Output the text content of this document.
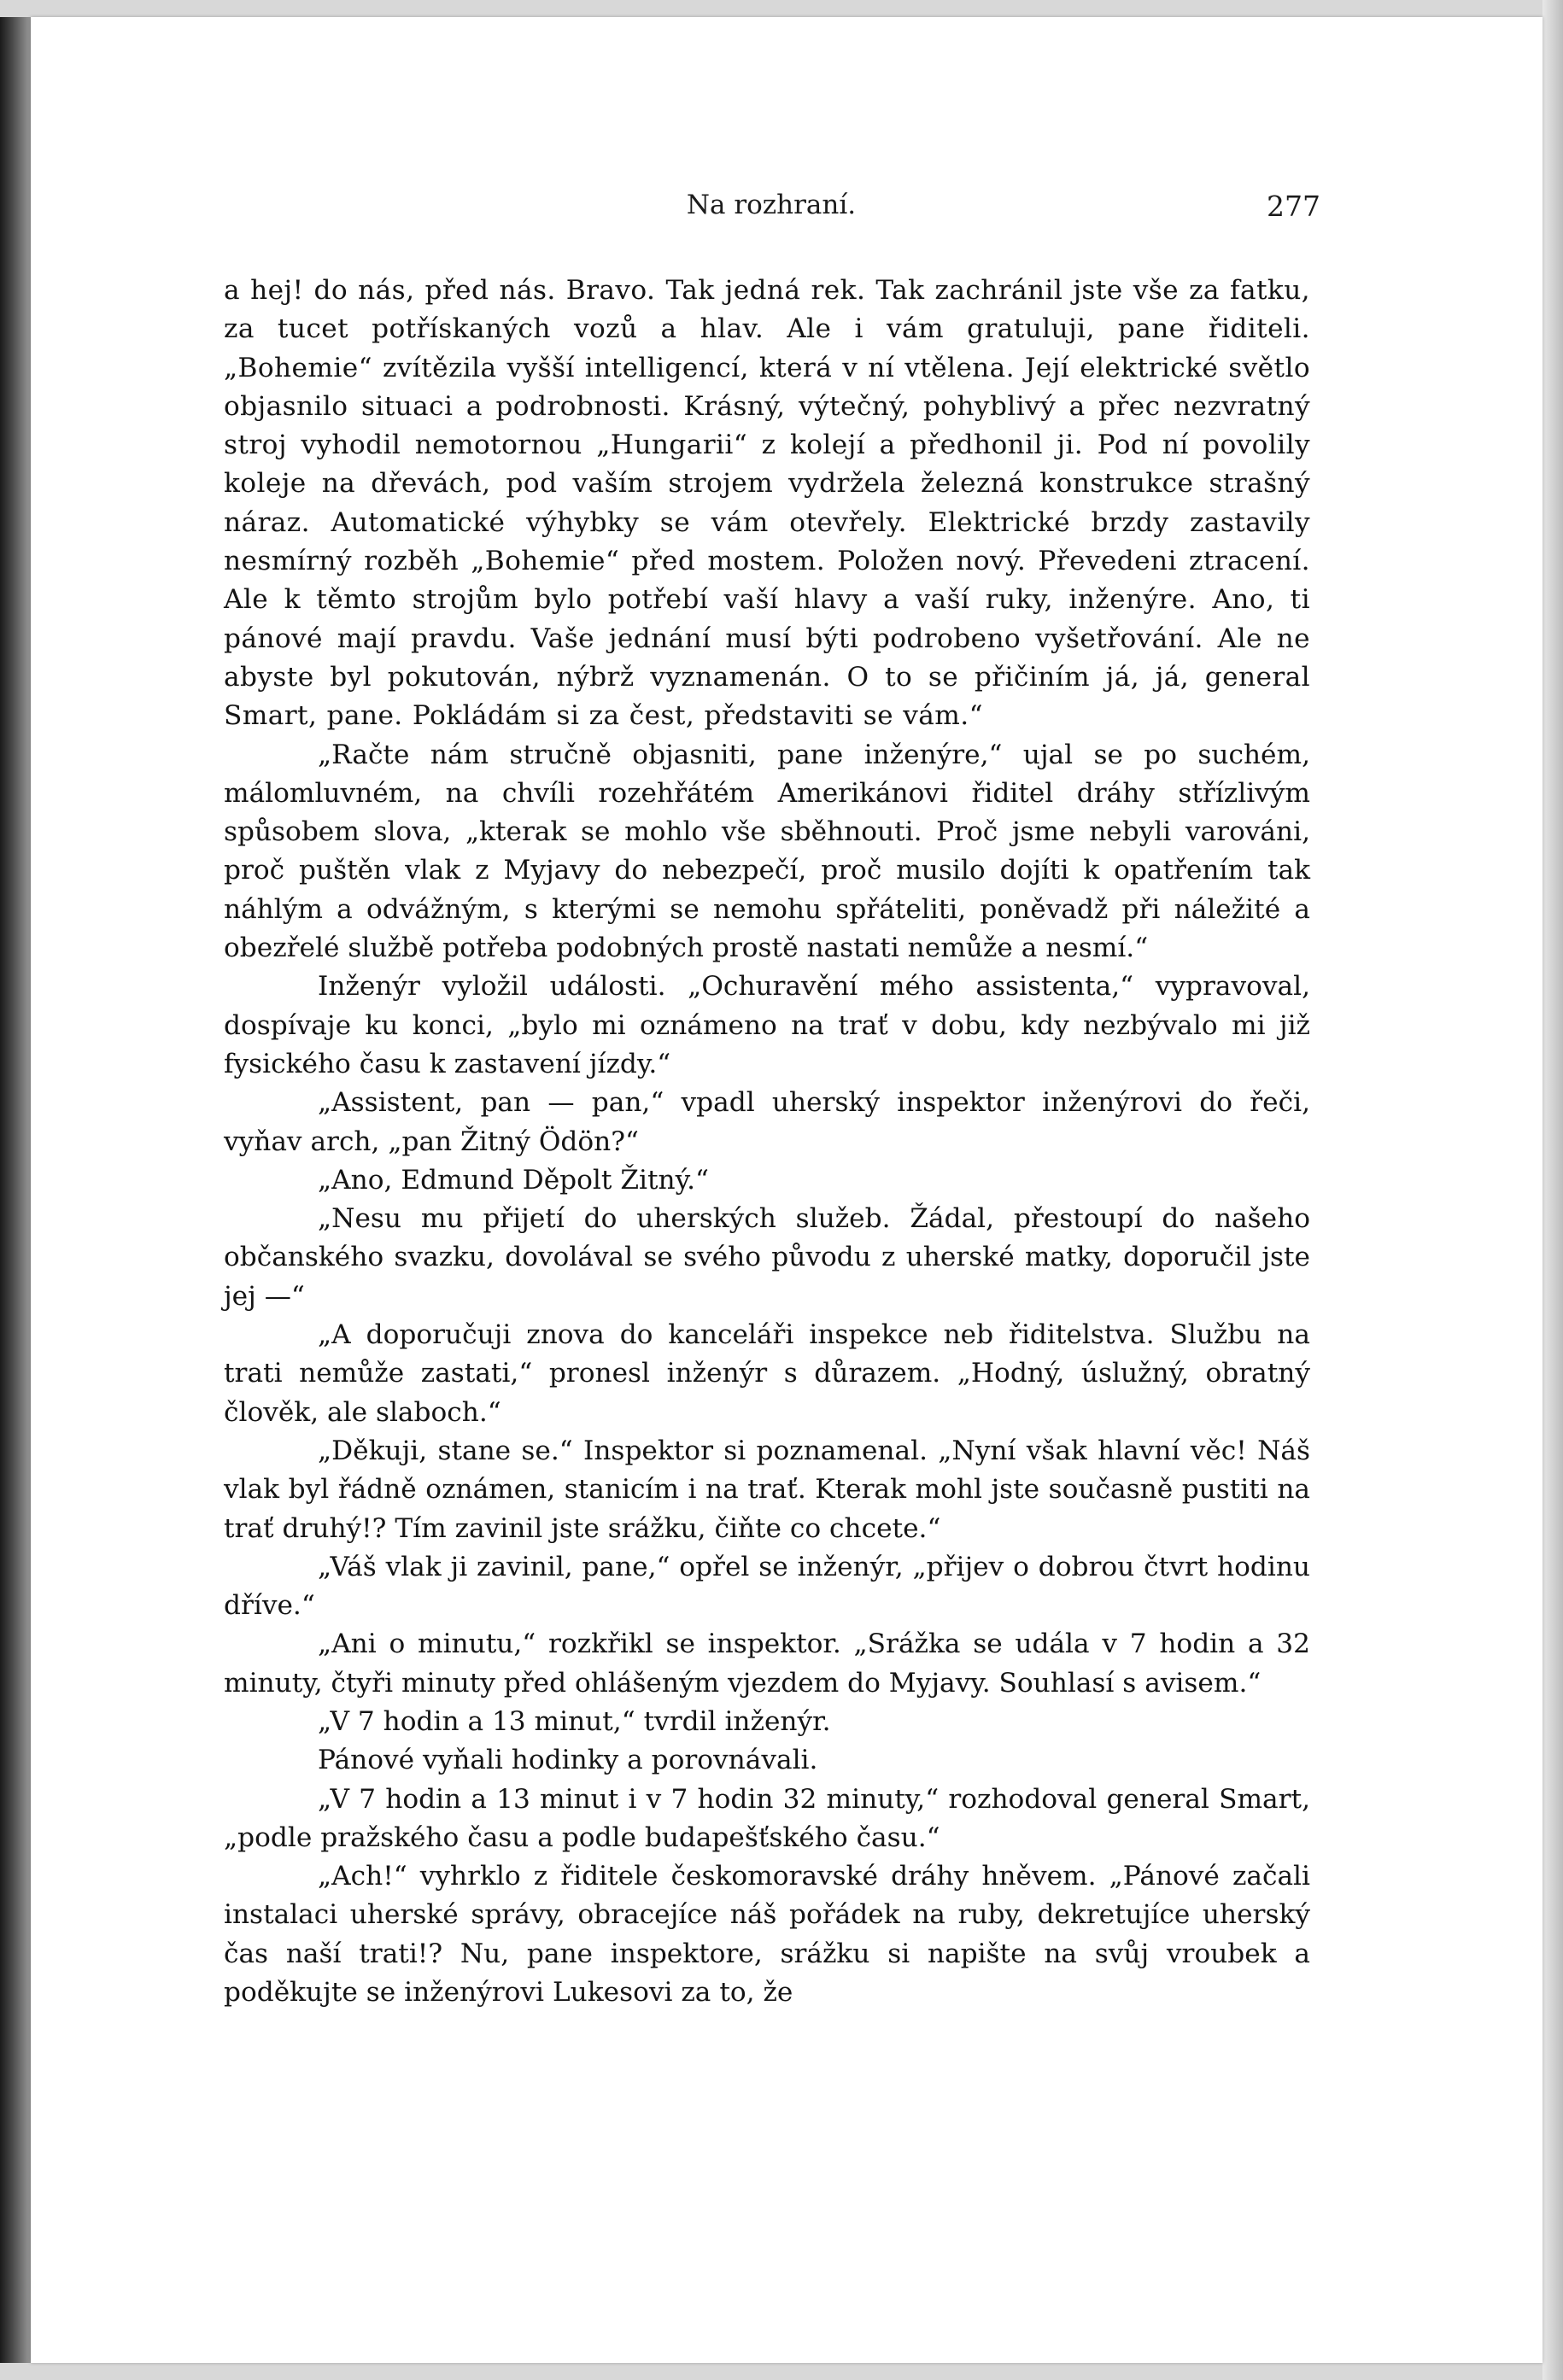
Na rozhraní.	277

a hej! do nás, před nás. Bravo. Tak jedná rek. Tak zachránil jste vše za fatku, za tucet potřískaných vozů a hlav. Ale i vám gratuluji, pane řiditeli. „Bohemie“ zvítězila vyšší intelligencí, která v ní vtělena. Její elektrické světlo objasnilo situaci a podrobnosti. Krásný, výtečný, pohyblivý a přec nezvratný stroj vyhodil nemotornou „Hungarii“ z kolejí a předhonil ji. Pod ní povolily koleje na dřevách, pod vaším strojem vydržela železná konstrukce strašný náraz. Automatické výhybky se vám otevřely. Elektrické brzdy zastavily nesmírný rozběh „Bohemie“ před mostem. Položen nový. Převedeni ztracení. Ale k těmto strojům bylo potřebí vaší hlavy a vaší ruky, inženýre. Ano, ti pánové mají pravdu. Vaše jednání musí býti podrobeno vyšetřování. Ale ne abyste byl pokutován, nýbrž vyznamenán. O to se přičiním já, já, general Smart, pane. Pokládám si za čest, představiti se vám.“

„Račte nám stručně objasniti, pane inženýre,“ ujal se po suchém, málomluvném, na chvíli rozehřátém Amerikánovi řiditel dráhy střízlivým spůsobem slova, „kterak se mohlo vše sběhnouti. Proč jsme nebyli varováni, proč puštěn vlak z Myjavy do nebezpečí, proč musilo dojíti k opatřením tak náhlým a odvážným, s kterými se nemohu spřáteliti, poněvadž při náležité a obezřelé službě potřeba podobných prostě nastati nemůže a nesmí.“

Inženýr vyložil události. „Ochuravění mého assistenta,“ vypravoval, dospívaje ku konci, „bylo mi oznámeno na trať v dobu, kdy nezbývalo mi již fysického času k zastavení jízdy.“

„Assistent, pan — pan,“ vpadl uherský inspektor inženýrovi do řeči, vyňav arch, „pan Žitný Ödön?“

„Ano, Edmund Děpolt Žitný.“

„Nesu mu přijetí do uherských služeb. Žádal, přestoupí do našeho občanského svazku, dovolával se svého původu z uherské matky, doporučil jste jej —“

„A doporučuji znova do kanceláři inspekce neb řiditelstva. Službu na trati nemůže zastati,“ pronesl inženýr s důrazem. „Hodný, úslužný, obratný člověk, ale slaboch.“

„Děkuji, stane se.“ Inspektor si poznamenal. „Nyní však hlavní věc! Náš vlak byl řádně oznámen, stanicím i na trať. Kterak mohl jste současně pustiti na trať druhý!? Tím zavinil jste srážku, čiňte co chcete.“

„Váš vlak ji zavinil, pane,“ opřel se inženýr, „přijev o dobrou čtvrt hodinu dříve.“

„Ani o minutu,“ rozkřikl se inspektor. „Srážka se udála v 7 hodin a 32 minuty, čtyři minuty před ohlášeným vjezdem do Myjavy. Souhlasí s avisem.“

„V 7 hodin a 13 minut,“ tvrdil inženýr.

Pánové vyňali hodinky a porovnávali.

„V 7 hodin a 13 minut i v 7 hodin 32 minuty,“ rozhodoval general Smart, „podle pražského času a podle budapešťského času.“

„Ach!“ vyhrklo z řiditele českomoravské dráhy hněvem. „Pánové začali instalaci uherské správy, obracejíce náš pořádek na ruby, dekretujíce uherský čas naší trati!? Nu, pane inspektore, srážku si napište na svůj vroubek a poděkujte se inženýrovi Lukesovi za to, že
